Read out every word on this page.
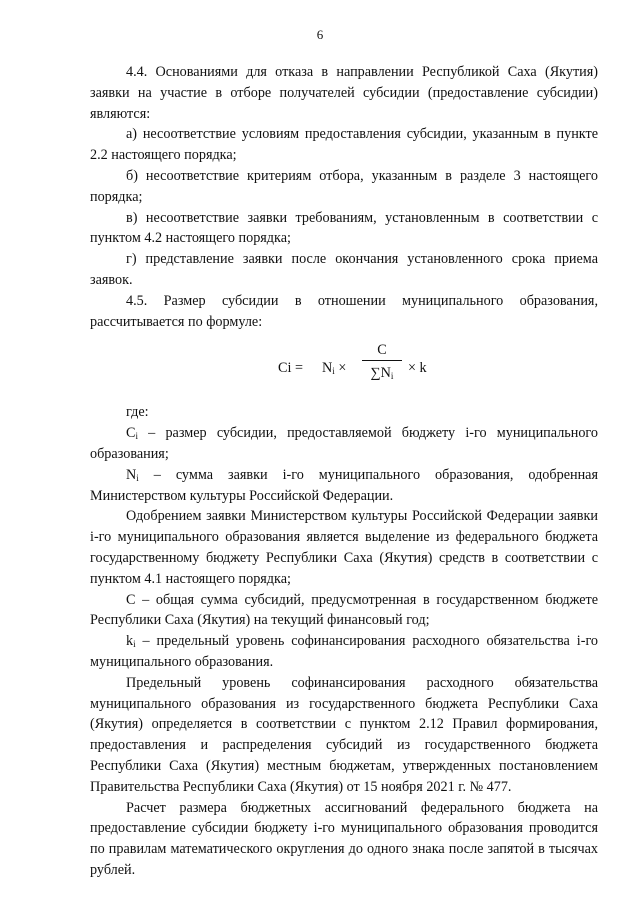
6

4.4. Основаниями для отказа в направлении Республикой Саха (Якутия) заявки на участие в отборе получателей субсидии (предоставление субсидии) являются:

а) несоответствие условиям предоставления субсидии, указанным в пункте 2.2 настоящего порядка;

б) несоответствие критериям отбора, указанным в разделе 3 настоящего порядка;

в) несоответствие заявки требованиям, установленным в соответствии с пунктом 4.2 настоящего порядка;

г) представление заявки после окончания установленного срока приема заявок.

4.5. Размер субсидии в отношении муниципального образования, рассчитывается по формуле:

$Ci = N_i$ ×
C
$\sum N_i$	× k

где:

$C_i$ – размер субсидии, предоставляемой бюджету i-го муниципального образования;

$N_i$ – сумма заявки i-го муниципального образования, одобренная Министерством культуры Российской Федерации.

Одобрением заявки Министерством культуры Российской Федерации заявки i-го муниципального образования является выделение из федерального бюджета государственному бюджету Республики Саха (Якутия) средств в соответствии с пунктом 4.1 настоящего порядка;

С – общая сумма субсидий, предусмотренная в государственном бюджете Республики Саха (Якутия) на текущий финансовый год;

$k_i$ – предельный уровень софинансирования расходного обязательства i-го муниципального образования.

Предельный уровень софинансирования расходного обязательства муниципального образования из государственного бюджета Республики Саха (Якутия) определяется в соответствии с пунктом 2.12 Правил формирования, предоставления и распределения субсидий из государственного бюджета Республики Саха (Якутия) местным бюджетам, утвержденных постановлением Правительства Республики Саха (Якутия) от 15 ноября 2021 г. № 477.

Расчет размера бюджетных ассигнований федерального бюджета на предоставление субсидии бюджету i-го муниципального образования проводится по правилам математического округления до одного знака после запятой в тысячах рублей.
